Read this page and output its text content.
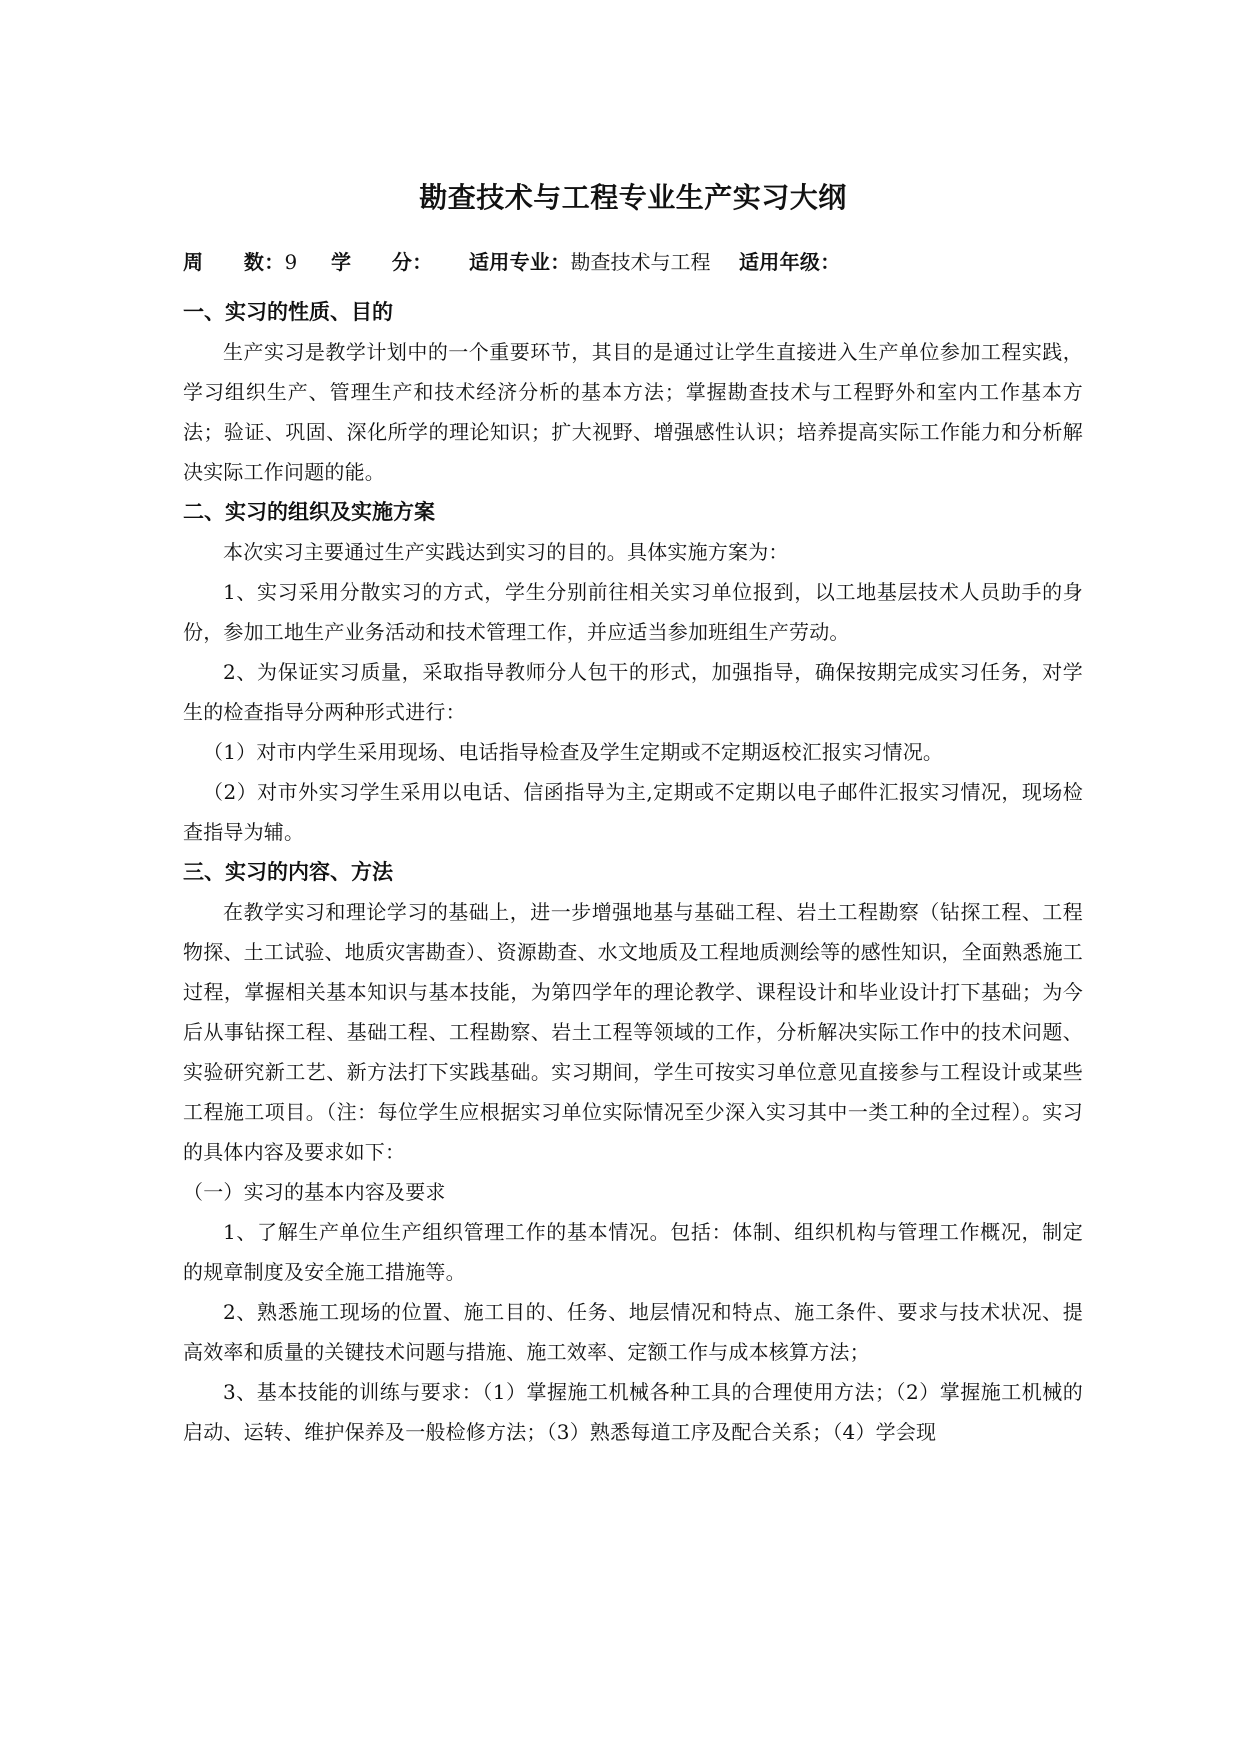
勘查技术与工程专业生产实习大纲
周　　数：9 学　　分： 适用专业：勘查技术与工程 适用年级：
一、实习的性质、目的

生产实习是教学计划中的一个重要环节，其目的是通过让学生直接进入生产单位参加工程实践，学习组织生产、管理生产和技术经济分析的基本方法；掌握勘查技术与工程野外和室内工作基本方法；验证、巩固、深化所学的理论知识；扩大视野、增强感性认识；培养提高实际工作能力和分析解决实际工作问题的能。

二、实习的组织及实施方案

本次实习主要通过生产实践达到实习的目的。具体实施方案为：

1、实习采用分散实习的方式，学生分别前往相关实习单位报到，以工地基层技术人员助手的身份，参加工地生产业务活动和技术管理工作，并应适当参加班组生产劳动。

2、为保证实习质量，采取指导教师分人包干的形式，加强指导，确保按期完成实习任务，对学生的检查指导分两种形式进行：

（1）对市内学生采用现场、电话指导检查及学生定期或不定期返校汇报实习情况。

（2）对市外实习学生采用以电话、信函指导为主,定期或不定期以电子邮件汇报实习情况，现场检查指导为辅。

三、实习的内容、方法

在教学实习和理论学习的基础上，进一步增强地基与基础工程、岩土工程勘察（钻探工程、工程物探、土工试验、地质灾害勘查）、资源勘查、水文地质及工程地质测绘等的感性知识，全面熟悉施工过程，掌握相关基本知识与基本技能，为第四学年的理论教学、课程设计和毕业设计打下基础；为今后从事钻探工程、基础工程、工程勘察、岩土工程等领域的工作，分析解决实际工作中的技术问题、实验研究新工艺、新方法打下实践基础。实习期间，学生可按实习单位意见直接参与工程设计或某些工程施工项目。（注：每位学生应根据实习单位实际情况至少深入实习其中一类工种的全过程）。实习的具体内容及要求如下：

（一）实习的基本内容及要求

1、了解生产单位生产组织管理工作的基本情况。包括：体制、组织机构与管理工作概况，制定的规章制度及安全施工措施等。

2、熟悉施工现场的位置、施工目的、任务、地层情况和特点、施工条件、要求与技术状况、提高效率和质量的关键技术问题与措施、施工效率、定额工作与成本核算方法；

3、基本技能的训练与要求：（1）掌握施工机械各种工具的合理使用方法；（2）掌握施工机械的启动、运转、维护保养及一般检修方法；（3）熟悉每道工序及配合关系；（4）学会现
